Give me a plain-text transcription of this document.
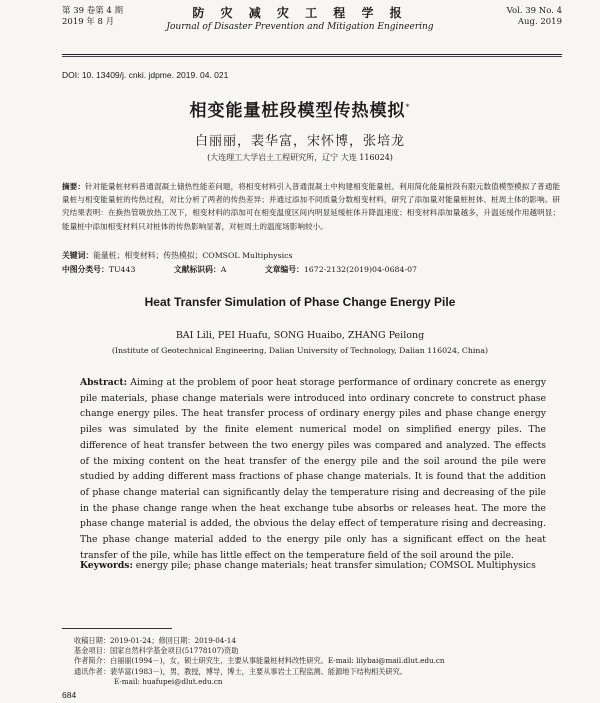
第 39 卷第 4 期
2019 年 8 月
防 灾 减 灾 工 程 学 报
Journal of Disaster Prevention and Mitigation Engineering
Vol. 39 No. 4
Aug. 2019
DOI: 10. 13409/j. cnki. jdpme. 2019. 04. 021
相变能量桩段模型传热模拟*
白丽丽，裴华富，宋怀博，张培龙
(大连理工大学岩土工程研究所，辽宁 大连 116024)
摘要：针对能量桩材料普通混凝土储热性能差问题，将相变材料引入普通混凝土中构建相变能量桩。利用简化能量桩段有限元数值模型模拟了普通能量桩与相变能量桩的传热过程，对比分析了两者的传热差异；并通过添加不同质量分数相变材料，研究了添加量对能量桩桩体、桩周土体的影响。研究结果表明：在换热管吸放热工况下，相变材料的添加可在相变温度区间内明显延缓桩体升降温速度；相变材料添加量越多，升温延缓作用越明显；能量桩中添加相变材料只对桩体的传热影响显著，对桩周土的温度场影响较小。
关键词：能量桩；相变材料；传热模拟；COMSOL Multiphysics
中图分类号：TU443	文献标识码：A	文章编号：1672-2132(2019)04-0684-07
Heat Transfer Simulation of Phase Change Energy Pile
BAI Lili, PEI Huafu, SONG Huaibo, ZHANG Peilong
(Institute of Geotechnical Engineering, Dalian University of Technology, Dalian 116024, China)
Abstract: Aiming at the problem of poor heat storage performance of ordinary concrete as energy pile materials, phase change materials were introduced into ordinary concrete to construct phase change energy piles. The heat transfer process of ordinary energy piles and phase change energy piles was simulated by the finite element numerical model on simplified energy piles. The difference of heat transfer between the two energy piles was compared and analyzed. The effects of the mixing content on the heat transfer of the energy pile and the soil around the pile were studied by adding different mass fractions of phase change materials. It is found that the addition of phase change material can significantly delay the temperature rising and decreasing of the pile in the phase change range when the heat exchange tube absorbs or releases heat. The more the phase change material is added, the obvious the delay effect of temperature rising and decreasing. The phase change material added to the energy pile only has a significant effect on the heat transfer of the pile, while has little effect on the temperature field of the soil around the pile.
Keywords: energy pile; phase change materials; heat transfer simulation; COMSOL Multiphysics
收稿日期：2019-01-24；修回日期：2019-04-14
基金项目：国家自然科学基金项目(51778107)资助
作者简介：白丽丽(1994－)，女，硕士研究生，主要从事能量桩材料改性研究。E-mail: lilybai@mail.dlut.edu.cn
通讯作者：裴华富(1983－)，男，教授，博导，博士，主要从事岩土工程监测、能源地下结构相关研究。
E-mail: huafupei@dlut.edu.cn
684
